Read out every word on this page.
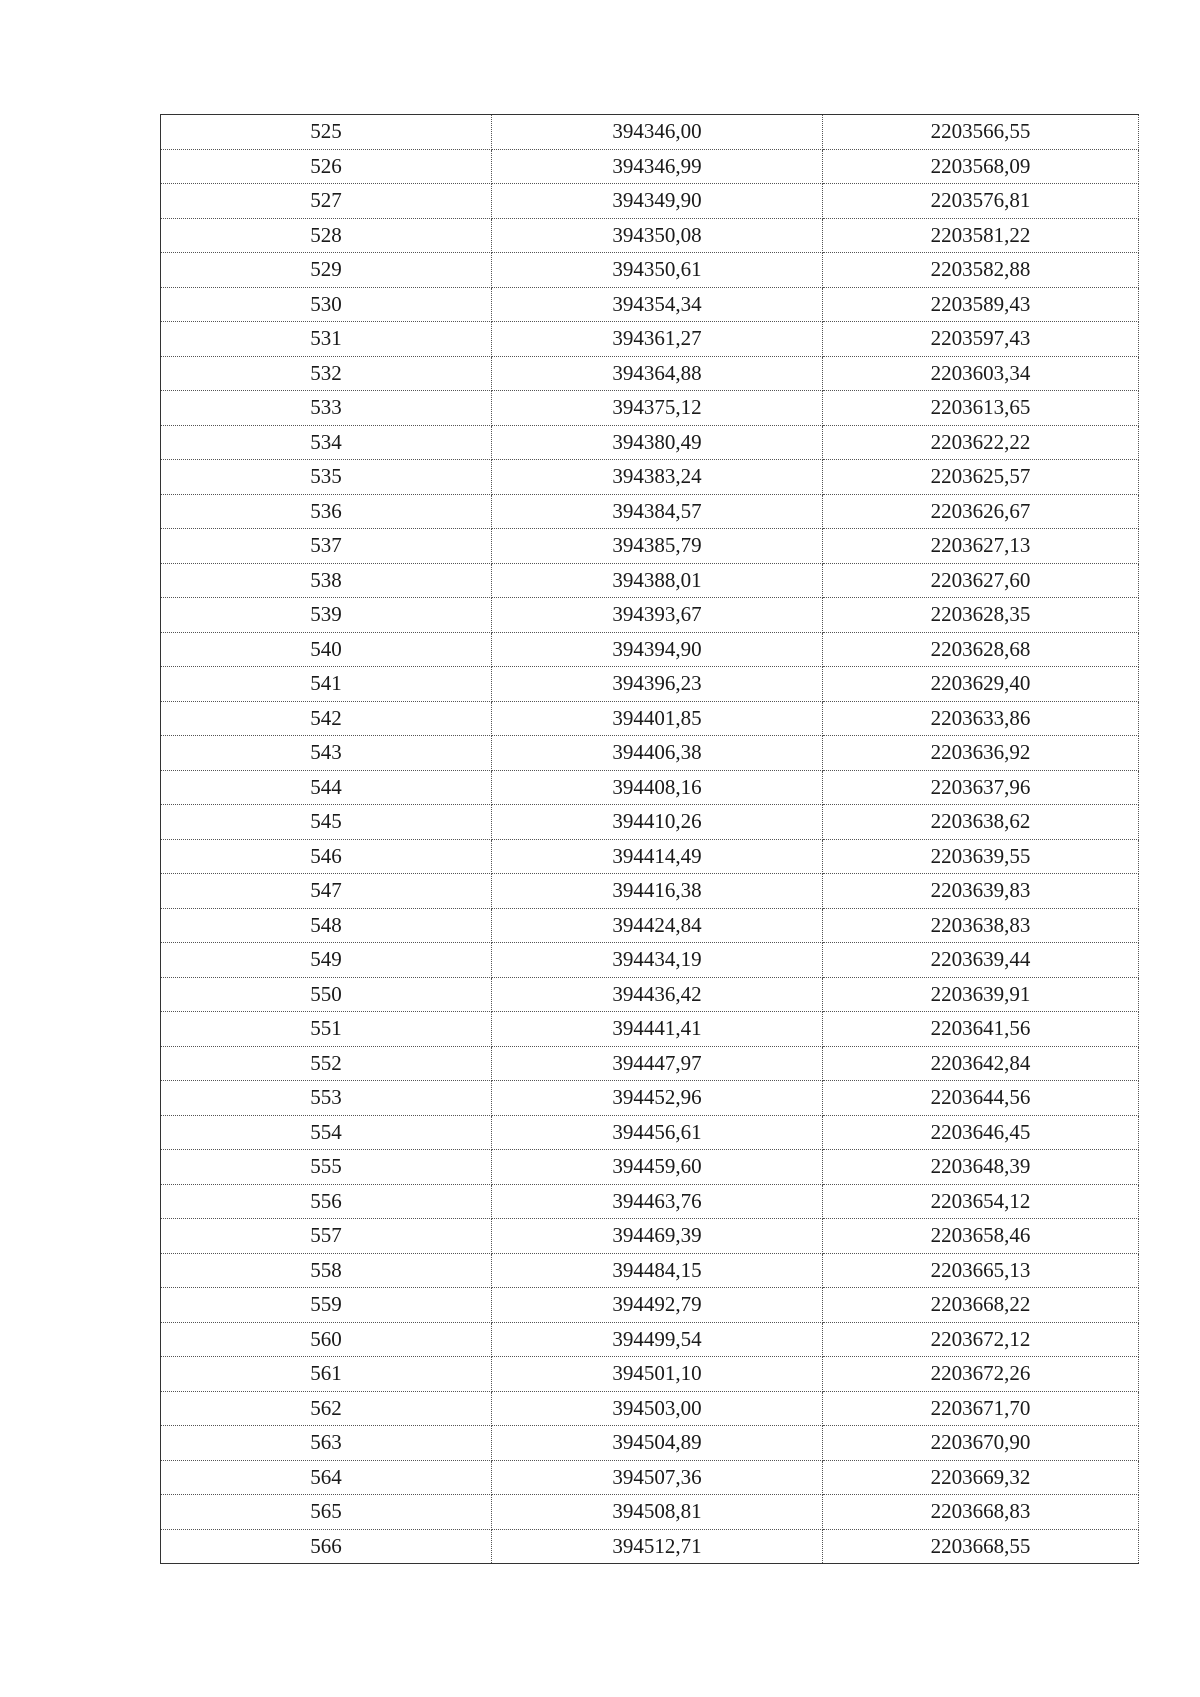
525	394346,00	2203566,55
526	394346,99	2203568,09
527	394349,90	2203576,81
528	394350,08	2203581,22
529	394350,61	2203582,88
530	394354,34	2203589,43
531	394361,27	2203597,43
532	394364,88	2203603,34
533	394375,12	2203613,65
534	394380,49	2203622,22
535	394383,24	2203625,57
536	394384,57	2203626,67
537	394385,79	2203627,13
538	394388,01	2203627,60
539	394393,67	2203628,35
540	394394,90	2203628,68
541	394396,23	2203629,40
542	394401,85	2203633,86
543	394406,38	2203636,92
544	394408,16	2203637,96
545	394410,26	2203638,62
546	394414,49	2203639,55
547	394416,38	2203639,83
548	394424,84	2203638,83
549	394434,19	2203639,44
550	394436,42	2203639,91
551	394441,41	2203641,56
552	394447,97	2203642,84
553	394452,96	2203644,56
554	394456,61	2203646,45
555	394459,60	2203648,39
556	394463,76	2203654,12
557	394469,39	2203658,46
558	394484,15	2203665,13
559	394492,79	2203668,22
560	394499,54	2203672,12
561	394501,10	2203672,26
562	394503,00	2203671,70
563	394504,89	2203670,90
564	394507,36	2203669,32
565	394508,81	2203668,83
566	394512,71	2203668,55
